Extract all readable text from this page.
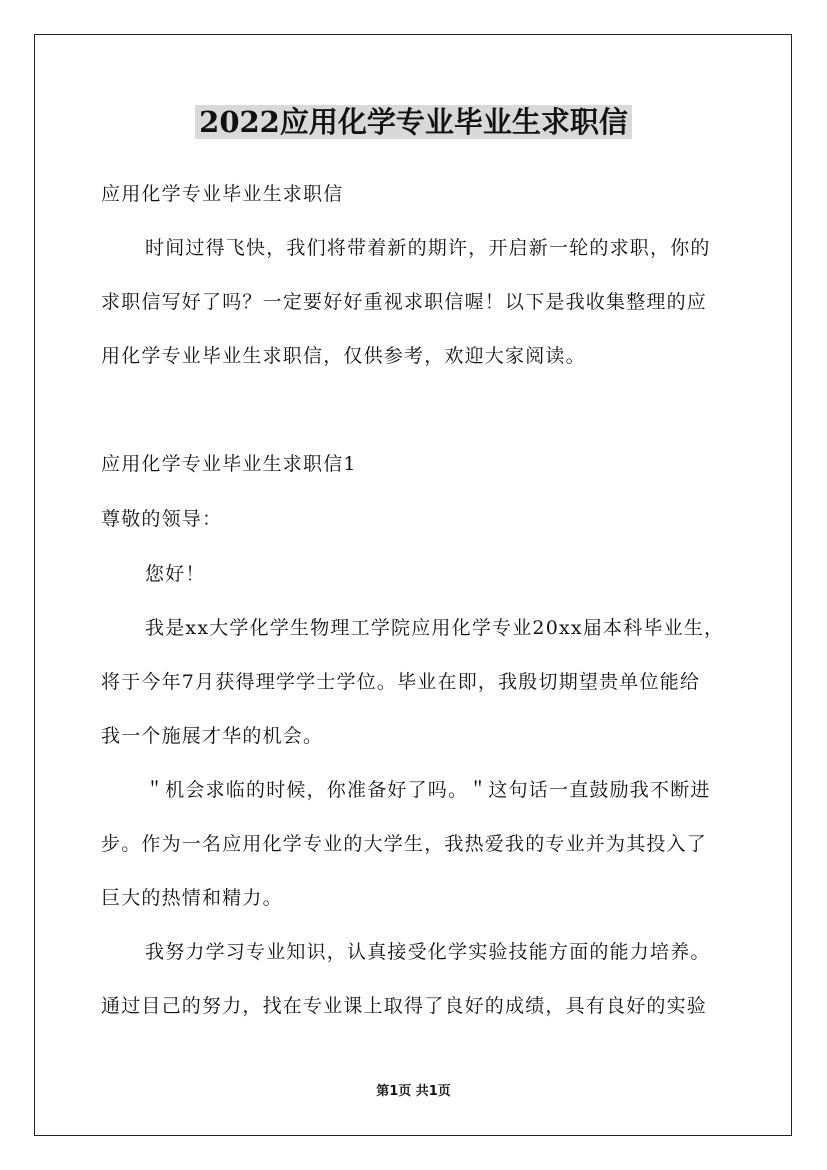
2022应用化学专业毕业生求职信
应用化学专业毕业生求职信
时间过得飞快，我们将带着新的期许，开启新一轮的求职，你的
求职信写好了吗？一定要好好重视求职信喔！以下是我收集整理的应
用化学专业毕业生求职信，仅供参考，欢迎大家阅读。
应用化学专业毕业生求职信1
尊敬的领导：
您好！
我是xx大学化学生物理工学院应用化学专业20xx届本科毕业生，
将于今年7月获得理学学士学位。毕业在即，我殷切期望贵单位能给
我一个施展才华的机会。
＂机会求临的时候，你准备好了吗。＂这句话一直鼓励我不断进
步。作为一名应用化学专业的大学生，我热爱我的专业并为其投入了
巨大的热情和精力。
我努力学习专业知识，认真接受化学实验技能方面的能力培养。
通过目己的努力，找在专业课上取得了良好的成绩，具有良好的实验
第1页 共1页
